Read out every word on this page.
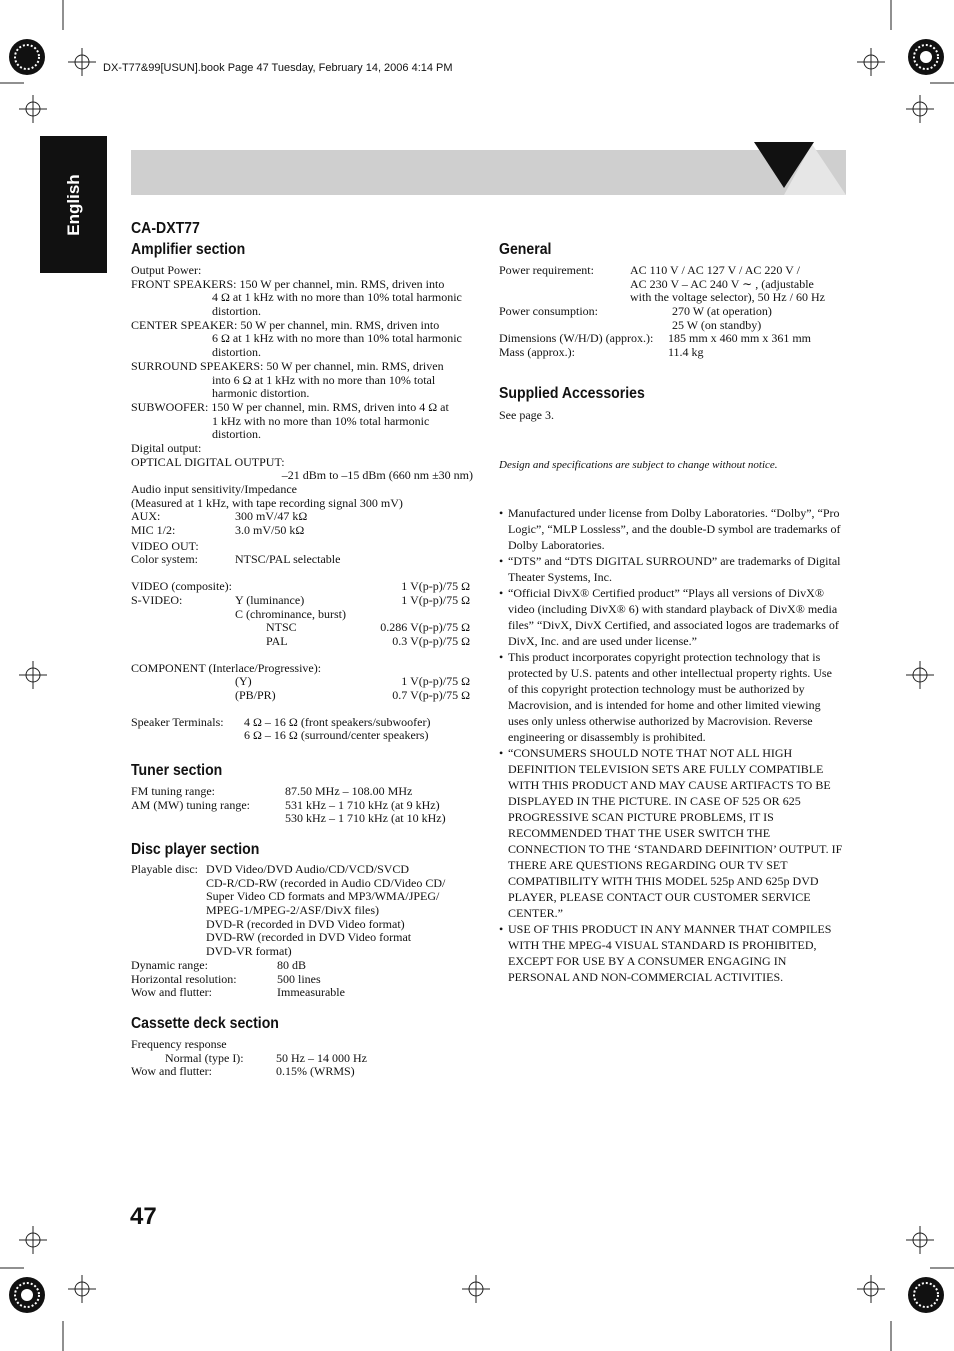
DX-T77&99[USUN].book Page 47 Tuesday, February 14, 2006 4:14 PM
English	CA-DXT77
Amplifier section
Output Power:
FRONT SPEAKERS: 150 W per channel, min. RMS, driven into
4 Ω at 1 kHz with no more than 10% total harmonic
distortion.
CENTER SPEAKER: 50 W per channel, min. RMS, driven into
6 Ω at 1 kHz with no more than 10% total harmonic
distortion.
SURROUND SPEAKERS: 50 W per channel, min. RMS, driven
into 6 Ω at 1 kHz with no more than 10% total
harmonic distortion.
SUBWOOFER: 150 W per channel, min. RMS, driven into 4 Ω at
1 kHz with no more than 10% total harmonic
distortion.
Digital output:
OPTICAL DIGITAL OUTPUT:
–21 dBm to –15 dBm (660 nm ±30 nm)
Audio input sensitivity/Impedance
(Measured at 1 kHz, with tape recording signal 300 mV)
AUX:	300 mV/47 kΩ
MIC 1/2:	3.0 mV/50 kΩ
VIDEO OUT:
Color system:	NTSC/PAL selectable
VIDEO (composite):	1 V(p-p)/75 Ω
S-VIDEO:	Y (luminance)	1 V(p-p)/75 Ω
C (chrominance, burst)
NTSC	0.286 V(p-p)/75 Ω
PAL	0.3 V(p-p)/75 Ω
COMPONENT (Interlace/Progressive):
(Y)	1 V(p-p)/75 Ω
(PB/PR)	0.7 V(p-p)/75 Ω
Speaker Terminals: 4 Ω – 16 Ω (front speakers/subwoofer)
6 Ω – 16 Ω (surround/center speakers)
Tuner section
FM tuning range:	87.50 MHz – 108.00 MHz
AM (MW) tuning range:	531 kHz – 1 710 kHz (at 9 kHz)
530 kHz – 1 710 kHz (at 10 kHz)
Disc player section
Playable disc: DVD Video/DVD Audio/CD/VCD/SVCD
CD-R/CD-RW (recorded in Audio CD/Video CD/
Super Video CD formats and MP3/WMA/JPEG/
MPEG-1/MPEG-2/ASF/DivX files)
DVD-R (recorded in DVD Video format)
DVD-RW (recorded in DVD Video format
DVD-VR format)
Dynamic range:	80 dB
Horizontal resolution:	500 lines
Wow and flutter:	Immeasurable
Cassette deck section
Frequency response
Normal (type I):	50 Hz – 14 000 Hz
Wow and flutter:	0.15% (WRMS)
47
General
Power requirement:	AC 110 V / AC 127 V / AC 220 V /
AC 230 V – AC 240 V ∼ , (adjustable
with the voltage selector), 50 Hz / 60 Hz
Power consumption:	270 W (at operation)
25 W (on standby)
Dimensions (W/H/D) (approx.): 185 mm x 460 mm x 361 mm
Mass (approx.):	11.4 kg
Supplied Accessories
See page 3.
Design and specifications are subject to change without notice.
• Manufactured under license from Dolby Laboratories. “Dolby”, “Pro Logic”, “MLP Lossless”, and the double-D symbol are trademarks of Dolby Laboratories.
• “DTS” and “DTS DIGITAL SURROUND” are trademarks of Digital Theater Systems, Inc.
• “Official DivX® Certified product” “Plays all versions of DivX® video (including DivX® 6) with standard playback of DivX® media files” “DivX, DivX Certified, and associated logos are trademarks of DivX, Inc. and are used under license.”
• This product incorporates copyright protection technology that is protected by U.S. patents and other intellectual property rights. Use of this copyright protection technology must be authorized by Macrovision, and is intended for home and other limited viewing uses only unless otherwise authorized by Macrovision. Reverse engineering or disassembly is prohibited.
• “CONSUMERS SHOULD NOTE THAT NOT ALL HIGH DEFINITION TELEVISION SETS ARE FULLY COMPATIBLE WITH THIS PRODUCT AND MAY CAUSE ARTIFACTS TO BE DISPLAYED IN THE PICTURE. IN CASE OF 525 OR 625 PROGRESSIVE SCAN PICTURE PROBLEMS, IT IS RECOMMENDED THAT THE USER SWITCH THE CONNECTION TO THE ‘STANDARD DEFINITION’ OUTPUT. IF THERE ARE QUESTIONS REGARDING OUR TV SET COMPATIBILITY WITH THIS MODEL 525p AND 625p DVD PLAYER, PLEASE CONTACT OUR CUSTOMER SERVICE CENTER.”
• USE OF THIS PRODUCT IN ANY MANNER THAT COMPILES WITH THE MPEG-4 VISUAL STANDARD IS PROHIBITED, EXCEPT FOR USE BY A CONSUMER ENGAGING IN PERSONAL AND NON-COMMERCIAL ACTIVITIES.
